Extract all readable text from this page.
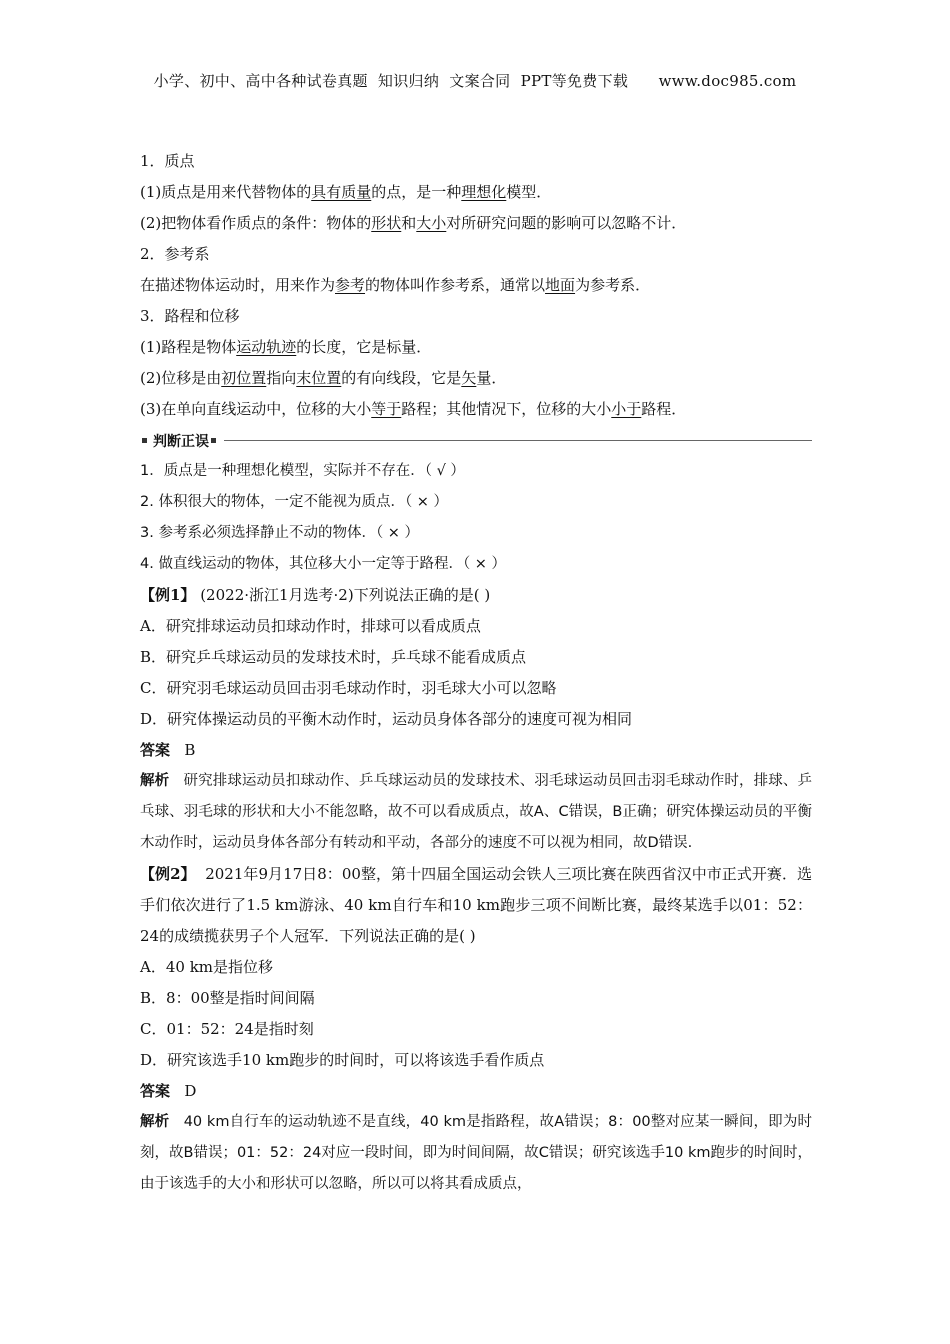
小学、初中、高中各种试卷真题  知识归纳  文案合同  PPT等免费下载      www.doc985.com
1．质点
(1)质点是用来代替物体的具有质量的点，是一种理想化模型．
(2)把物体看作质点的条件：物体的形状和大小对所研究问题的影响可以忽略不计．
2．参考系
在描述物体运动时，用来作为参考的物体叫作参考系，通常以地面为参考系．
3．路程和位移
(1)路程是物体运动轨迹的长度，它是标量．
(2)位移是由初位置指向末位置的有向线段，它是矢量．
(3)在单向直线运动中，位移的大小等于路程；其他情况下，位移的大小小于路程．
判断正误
1．质点是一种理想化模型，实际并不存在．（ √ ）
2. 体积很大的物体，一定不能视为质点．（ × ）
3. 参考系必须选择静止不动的物体．（ × ）
4. 做直线运动的物体，其位移大小一定等于路程．（ × ）
【例1】 (2022·浙江1月选考·2)下列说法正确的是( )
A．研究排球运动员扣球动作时，排球可以看成质点
B．研究乒乓球运动员的发球技术时，乒乓球不能看成质点
C．研究羽毛球运动员回击羽毛球动作时，羽毛球大小可以忽略
D．研究体操运动员的平衡木动作时，运动员身体各部分的速度可视为相同
答案 B
解析 研究排球运动员扣球动作、乒乓球运动员的发球技术、羽毛球运动员回击羽毛球动作时，排球、乒乓球、羽毛球的形状和大小不能忽略，故不可以看成质点，故A、C错误，B正确；研究体操运动员的平衡木动作时，运动员身体各部分有转动和平动，各部分的速度不可以视为相同，故D错误.
【例2】 2021年9月17日8：00整，第十四届全国运动会铁人三项比赛在陕西省汉中市正式开赛．选手们依次进行了1.5 km游泳、40 km自行车和10 km跑步三项不间断比赛，最终某选手以01：52：24的成绩揽获男子个人冠军．下列说法正确的是( )
A．40 km是指位移
B．8：00整是指时间间隔
C．01：52：24是指时刻
D．研究该选手10 km跑步的时间时，可以将该选手看作质点
答案 D
解析 40 km自行车的运动轨迹不是直线，40 km是指路程，故A错误；8：00整对应某一瞬间，即为时刻，故B错误；01：52：24对应一段时间，即为时间间隔，故C错误；研究该选手10 km跑步的时间时，由于该选手的大小和形状可以忽略，所以可以将其看成质点，
